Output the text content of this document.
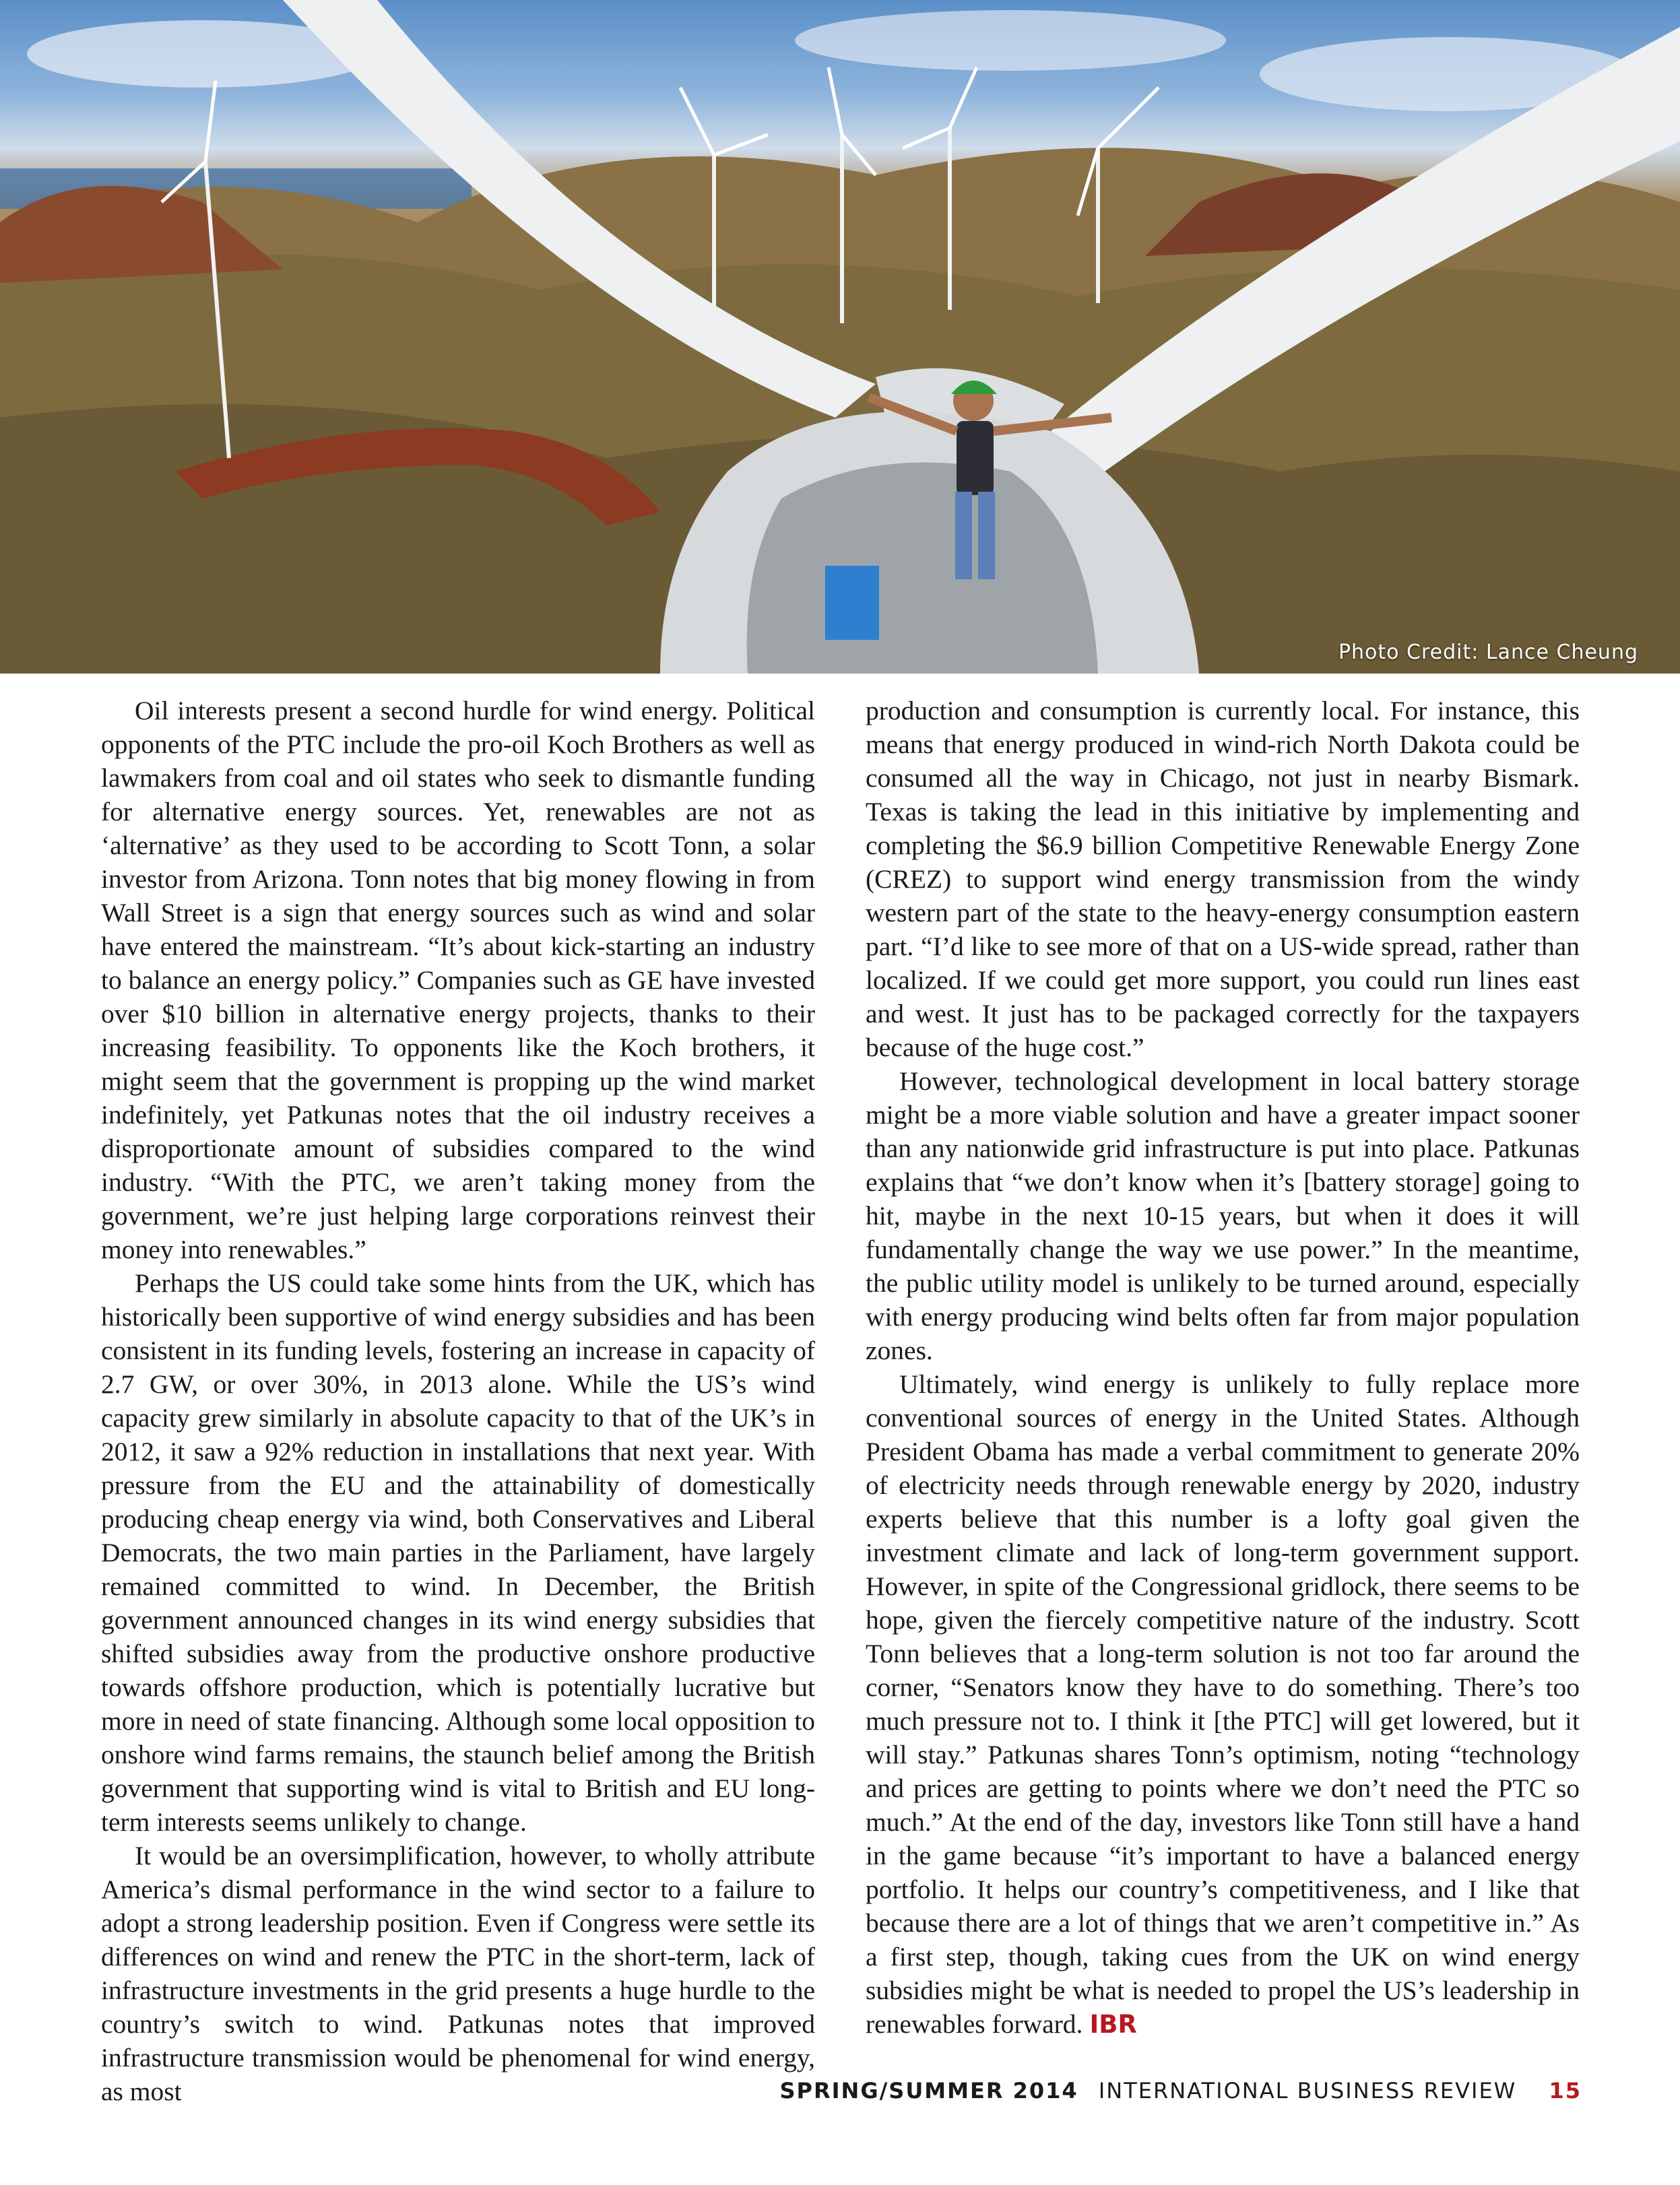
Photo Credit: Lance Cheung

Oil interests present a second hurdle for wind energy. Political opponents of the PTC include the pro-oil Koch Brothers as well as lawmakers from coal and oil states who seek to dismantle funding for alternative energy sources. Yet, renewables are not as ‘alternative’ as they used to be according to Scott Tonn, a solar investor from Arizona. Tonn notes that big money flowing in from Wall Street is a sign that energy sources such as wind and solar have entered the mainstream. “It’s about kick-starting an industry to balance an energy policy.” Companies such as GE have invested over $10 billion in alternative energy projects, thanks to their increasing feasibility. To opponents like the Koch brothers, it might seem that the government is propping up the wind market indefinitely, yet Patkunas notes that the oil industry receives a disproportionate amount of subsidies compared to the wind industry. “With the PTC, we aren’t taking money from the government, we’re just helping large corporations reinvest their money into renewables.”

Perhaps the US could take some hints from the UK, which has historically been supportive of wind energy subsidies and has been consistent in its funding levels, fostering an increase in capacity of 2.7 GW, or over 30%, in 2013 alone. While the US’s wind capacity grew similarly in absolute capacity to that of the UK’s in 2012, it saw a 92% reduction in installations that next year. With pressure from the EU and the attainability of domestically producing cheap energy via wind, both Conservatives and Liberal Democrats, the two main parties in the Parliament, have largely remained committed to wind. In December, the British government announced changes in its wind energy subsidies that shifted subsidies away from the productive onshore productive towards offshore production, which is potentially lucrative but more in need of state financing. Although some local opposition to onshore wind farms remains, the staunch belief among the British government that supporting wind is vital to British and EU long-term interests seems unlikely to change.

It would be an oversimplification, however, to wholly attribute America’s dismal performance in the wind sector to a failure to adopt a strong leadership position. Even if Congress were settle its differences on wind and renew the PTC in the short-term, lack of infrastructure investments in the grid presents a huge hurdle to the country’s switch to wind. Patkunas notes that improved infrastructure transmission would be phenomenal for wind energy, as most

production and consumption is currently local. For instance, this means that energy produced in wind-rich North Dakota could be consumed all the way in Chicago, not just in nearby Bismark. Texas is taking the lead in this initiative by implementing and completing the $6.9 billion Competitive Renewable Energy Zone (CREZ) to support wind energy transmission from the windy western part of the state to the heavy-energy consumption eastern part. “I’d like to see more of that on a US-wide spread, rather than localized. If we could get more support, you could run lines east and west. It just has to be packaged correctly for the taxpayers because of the huge cost.”

However, technological development in local battery storage might be a more viable solution and have a greater impact sooner than any nationwide grid infrastructure is put into place. Patkunas explains that “we don’t know when it’s [battery storage] going to hit, maybe in the next 10-15 years, but when it does it will fundamentally change the way we use power.” In the meantime, the public utility model is unlikely to be turned around, especially with energy producing wind belts often far from major population zones.

Ultimately, wind energy is unlikely to fully replace more conventional sources of energy in the United States. Although President Obama has made a verbal commitment to generate 20% of electricity needs through renewable energy by 2020, industry experts believe that this number is a lofty goal given the investment climate and lack of long-term government support. However, in spite of the Congressional gridlock, there seems to be hope, given the fiercely competitive nature of the industry. Scott Tonn believes that a long-term solution is not too far around the corner, “Senators know they have to do something. There’s too much pressure not to. I think it [the PTC] will get lowered, but it will stay.” Patkunas shares Tonn’s optimism, noting “technology and prices are getting to points where we don’t need the PTC so much.” At the end of the day, investors like Tonn still have a hand in the game because “it’s important to have a balanced energy portfolio. It helps our country’s competitiveness, and I like that because there are a lot of things that we aren’t competitive in.” As a first step, though, taking cues from the UK on wind energy subsidies might be what is needed to propel the US’s leadership in renewables forward. IBR

SPRING/SUMMER 2014 INTERNATIONAL BUSINESS REVIEW 15
